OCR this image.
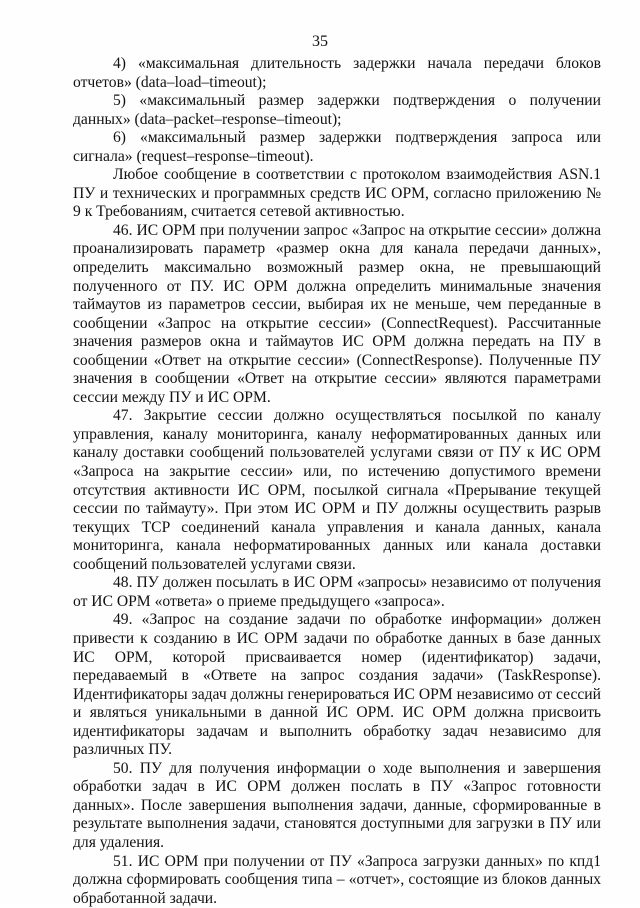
35

4) «максимальная длительность задержки начала передачи блоков отчетов» (data–load–timeout);

5) «максимальный размер задержки подтверждения о получении данных» (data–packet–response–timeout);

6) «максимальный размер задержки подтверждения запроса или сигнала» (request–response–timeout).

Любое сообщение в соответствии с протоколом взаимодействия ASN.1 ПУ и технических и программных средств ИС ОРМ, согласно приложению № 9 к Требованиям, считается сетевой активностью.

46. ИС ОРМ при получении запрос «Запрос на открытие сессии» должна проанализировать параметр «размер окна для канала передачи данных», определить максимально возможный размер окна, не превышающий полученного от ПУ. ИС ОРМ должна определить минимальные значения таймаутов из параметров сессии, выбирая их не меньше, чем переданные в сообщении «Запрос на открытие сессии» (ConnectRequest). Рассчитанные значения размеров окна и таймаутов ИС ОРМ должна передать на ПУ в сообщении «Ответ на открытие сессии» (ConnectResponse). Полученные ПУ значения в сообщении «Ответ на открытие сессии» являются параметрами сессии между ПУ и ИС ОРМ.

47. Закрытие сессии должно осуществляться посылкой по каналу управления, каналу мониторинга, каналу неформатированных данных или каналу доставки сообщений пользователей услугами связи от ПУ к ИС ОРМ «Запроса на закрытие сессии» или, по истечению допустимого времени отсутствия активности ИС ОРМ, посылкой сигнала «Прерывание текущей сессии по таймауту». При этом ИС ОРМ и ПУ должны осуществить разрыв текущих TCP соединений канала управления и канала данных, канала мониторинга, канала неформатированных данных или канала доставки сообщений пользователей услугами связи.

48. ПУ должен посылать в ИС ОРМ «запросы» независимо от получения от ИС ОРМ «ответа» о приеме предыдущего «запроса».

49. «Запрос на создание задачи по обработке информации» должен привести к созданию в ИС ОРМ задачи по обработке данных в базе данных ИС ОРМ, которой присваивается номер (идентификатор) задачи, передаваемый в «Ответе на запрос создания задачи» (TaskResponse). Идентификаторы задач должны генерироваться ИС ОРМ независимо от сессий и являться уникальными в данной ИС ОРМ. ИС ОРМ должна присвоить идентификаторы задачам и выполнить обработку задач независимо для различных ПУ.

50. ПУ для получения информации о ходе выполнения и завершения обработки задач в ИС ОРМ должен послать в ПУ «Запрос готовности данных». После завершения выполнения задачи, данные, сформированные в результате выполнения задачи, становятся доступными для загрузки в ПУ или для удаления.

51. ИС ОРМ при получении от ПУ «Запроса загрузки данных» по кпд1 должна сформировать сообщения типа – «отчет», состоящие из блоков данных обработанной задачи.
